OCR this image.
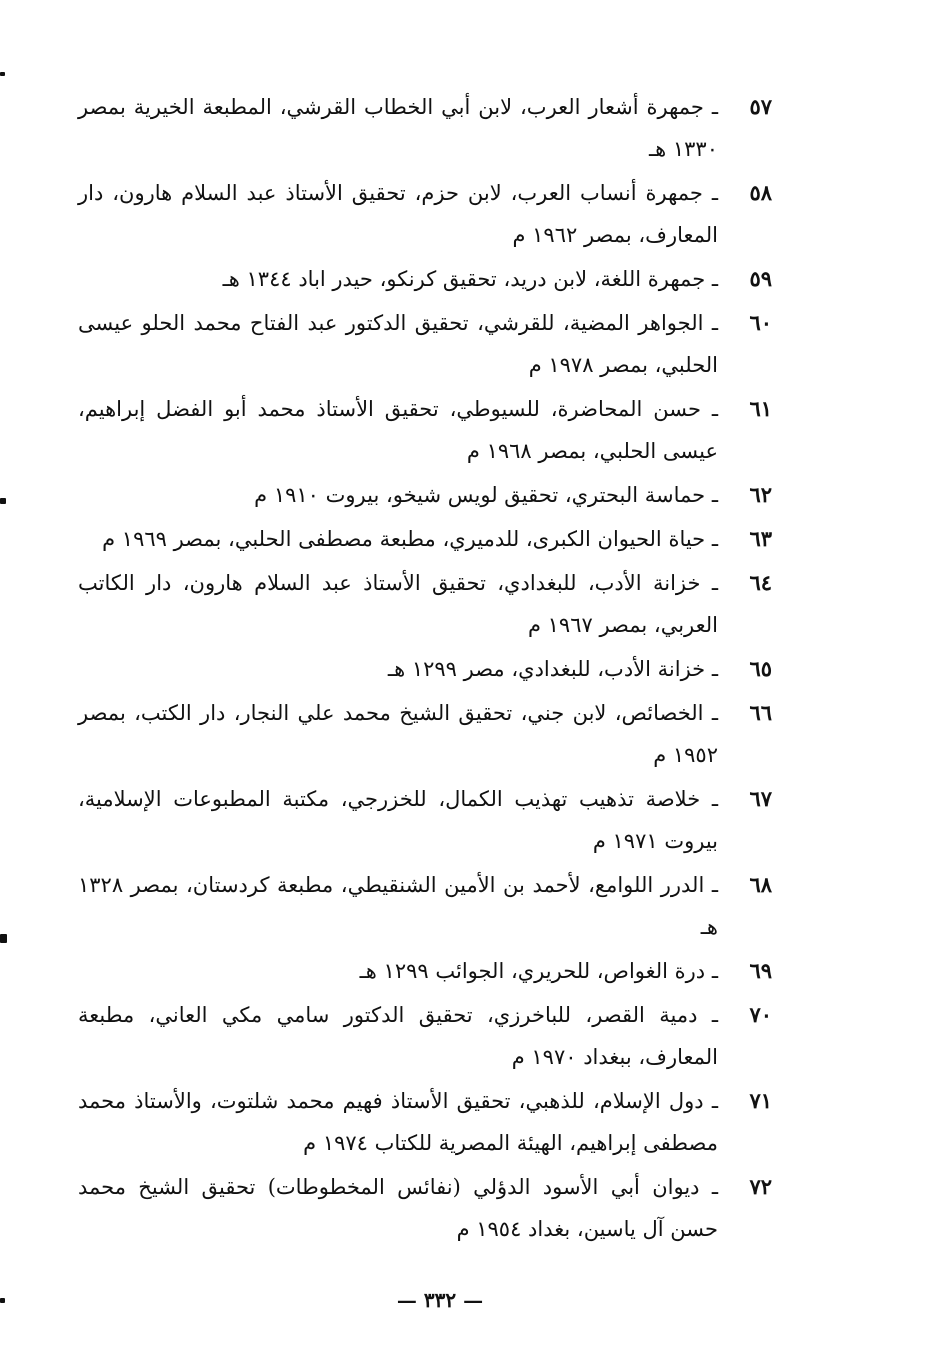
٥٧
ـ جمهرة أشعار العرب، لابن أبي الخطاب القرشي، المطبعة الخيرية بمصر ١٣٣٠ هـ
٥٨
ـ جمهرة أنساب العرب، لابن حزم، تحقيق الأستاذ عبد السلام هارون، دار المعارف، بمصر ١٩٦٢ م
٥٩
ـ جمهرة اللغة، لابن دريد، تحقيق كرنكو، حيدر اباد ١٣٤٤ هـ
٦٠
ـ الجواهر المضية، للقرشي، تحقيق الدكتور عبد الفتاح محمد الحلو عيسى الحلبي، بمصر ١٩٧٨ م
٦١
ـ حسن المحاضرة، للسيوطي، تحقيق الأستاذ محمد أبو الفضل إبراهيم، عيسى الحلبي، بمصر ١٩٦٨ م
٦٢
ـ حماسة البحتري، تحقيق لويس شيخو، بيروت ١٩١٠ م
٦٣
ـ حياة الحيوان الكبرى، للدميري، مطبعة مصطفى الحلبي، بمصر ١٩٦٩ م
٦٤
ـ خزانة الأدب، للبغدادي، تحقيق الأستاذ عبد السلام هارون، دار الكاتب العربي، بمصر ١٩٦٧ م
٦٥
ـ خزانة الأدب، للبغدادي، مصر ١٢٩٩ هـ
٦٦
ـ الخصائص، لابن جني، تحقيق الشيخ محمد علي النجار، دار الكتب، بمصر ١٩٥٢ م
٦٧
ـ خلاصة تذهيب تهذيب الكمال، للخزرجي، مكتبة المطبوعات الإسلامية، بيروت ١٩٧١ م
٦٨
ـ الدرر اللوامع، لأحمد بن الأمين الشنقيطي، مطبعة كردستان، بمصر ١٣٢٨ هـ
٦٩
ـ درة الغواص، للحريري، الجوائب ١٢٩٩ هـ
٧٠
ـ دمية القصر، للباخرزي، تحقيق الدكتور سامي مكي العاني، مطبعة المعارف، ببغداد ١٩٧٠ م
٧١
ـ دول الإسلام، للذهبي، تحقيق الأستاذ فهيم محمد شلتوت، والأستاذ محمد مصطفى إبراهيم، الهيئة المصرية للكتاب ١٩٧٤ م
٧٢
ـ ديوان أبي الأسود الدؤلي (نفائس المخطوطات) تحقيق الشيخ محمد حسن آل ياسين، بغداد ١٩٥٤ م
— ٣٣٢ —
